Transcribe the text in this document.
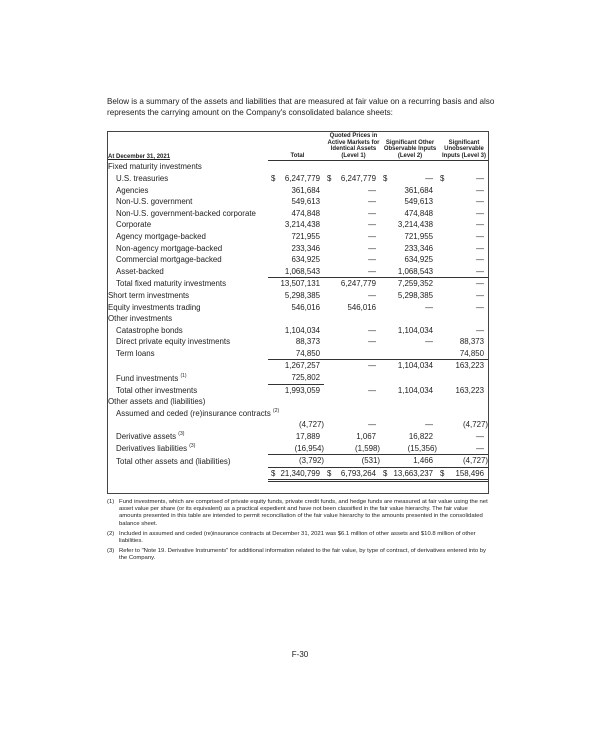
Below is a summary of the assets and liabilities that are measured at fair value on a recurring basis and also represents the carrying amount on the Company's consolidated balance sheets:
At December 31, 2021	Total	Quoted Prices in Active Markets for Identical Assets (Level 1)	Significant Other Observable Inputs (Level 2)	Significant Unobservable Inputs (Level 3)
Fixed maturity investments				
U.S. treasuries	$ 6,247,779	$ 6,247,779	$ —	$ —

Agencies	361,684	—	361,684	—

Non-U.S. government	549,613	—	549,613	—

Non-U.S. government-backed corporate	474,848	—	474,848	—

Corporate	3,214,438	—	3,214,438	—

Agency mortgage-backed	721,955	—	721,955	—

Non-agency mortgage-backed	233,346	—	233,346	—

Commercial mortgage-backed	634,925	—	634,925	—

Asset-backed	1,068,543	—	1,068,543	—

Total fixed maturity investments	13,507,131	6,247,779	7,259,352	—

Short term investments	5,298,385	—	5,298,385	—

Equity investments trading	546,016	546,016	—	—

Other investments				
Catastrophe bonds	1,104,034	—	1,104,034	—

Direct private equity investments	88,373	—	—	88,373

Term loans	74,850			74,850

	1,267,257	—	1,104,034	163,223

Fund investments $^{(1)}$	725,802			

Total other investments	1,993,059	—	1,104,034	163,223

Other assets and (liabilities)				
Assumed and ceded (re)insurance contracts $^{(2)}$				

	(4,727)	—	—	(4,727)

Derivative assets $^{(3)}$	17,889	1,067	16,822	—

Derivatives liabilities $^{(3)}$	(16,954)	(1,598)	(15,356)	—

Total other assets and (liabilities)	(3,792)	(531)	1,466	(4,727)

	$ 21,340,799	$ 6,793,264	$ 13,663,237	$ 158,496
(1) Fund investments, which are comprised of private equity funds, private credit funds, and hedge funds are measured at fair value using the net asset value per share (or its equivalent) as a practical expedient and have not been classified in the fair value hierarchy. The fair value amounts presented in this table are intended to permit reconciliation of the fair value hierarchy to the amounts presented in the consolidated balance sheet.
(2) Included in assumed and ceded (re)insurance contracts at December 31, 2021 was $6.1 million of other assets and $10.8 million of other liabilities.
(3) Refer to "Note 19. Derivative Instruments" for additional information related to the fair value, by type of contract, of derivatives entered into by the Company.
F-30
